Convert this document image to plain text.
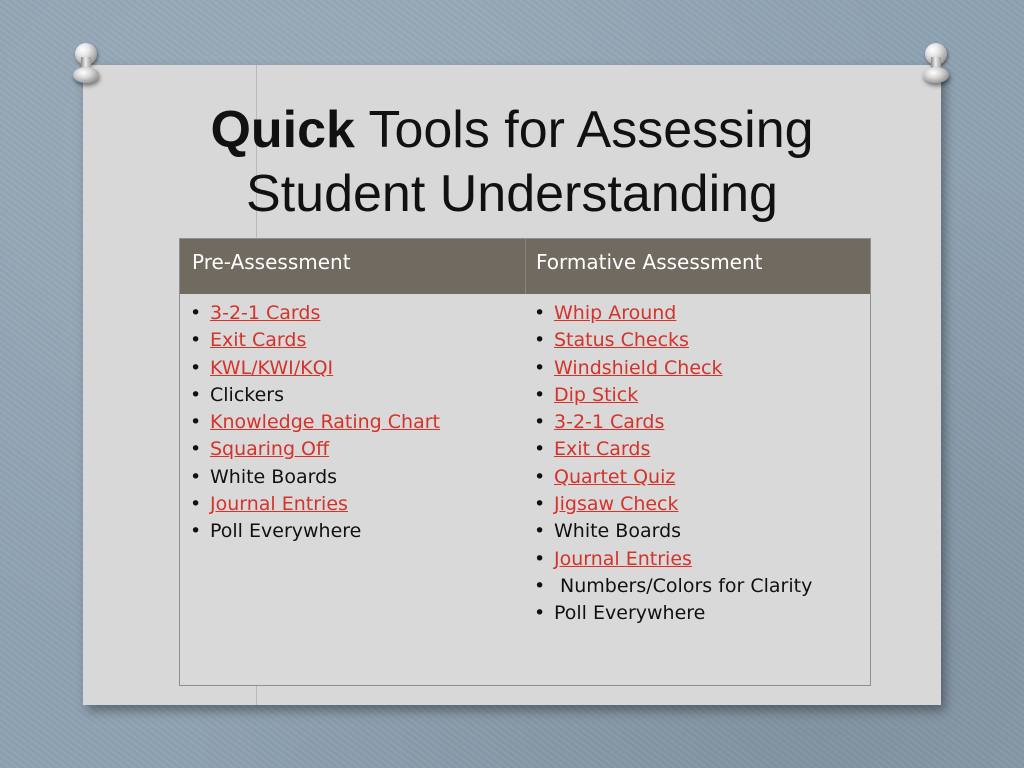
Quick Tools for Assessing
Student Understanding
Pre-Assessment	Formative Assessment
• 3-2-1 Cards
• Exit Cards
• KWL/KWI/KQI
• Clickers
• Knowledge Rating Chart
• Squaring Off
• White Boards
• Journal Entries
• Poll Everywhere
• Whip Around
• Status Checks
• Windshield Check
• Dip Stick
• 3-2-1 Cards
• Exit Cards
• Quartet Quiz
• Jigsaw Check
• White Boards
• Journal Entries
• Numbers/Colors for Clarity
• Poll Everywhere
